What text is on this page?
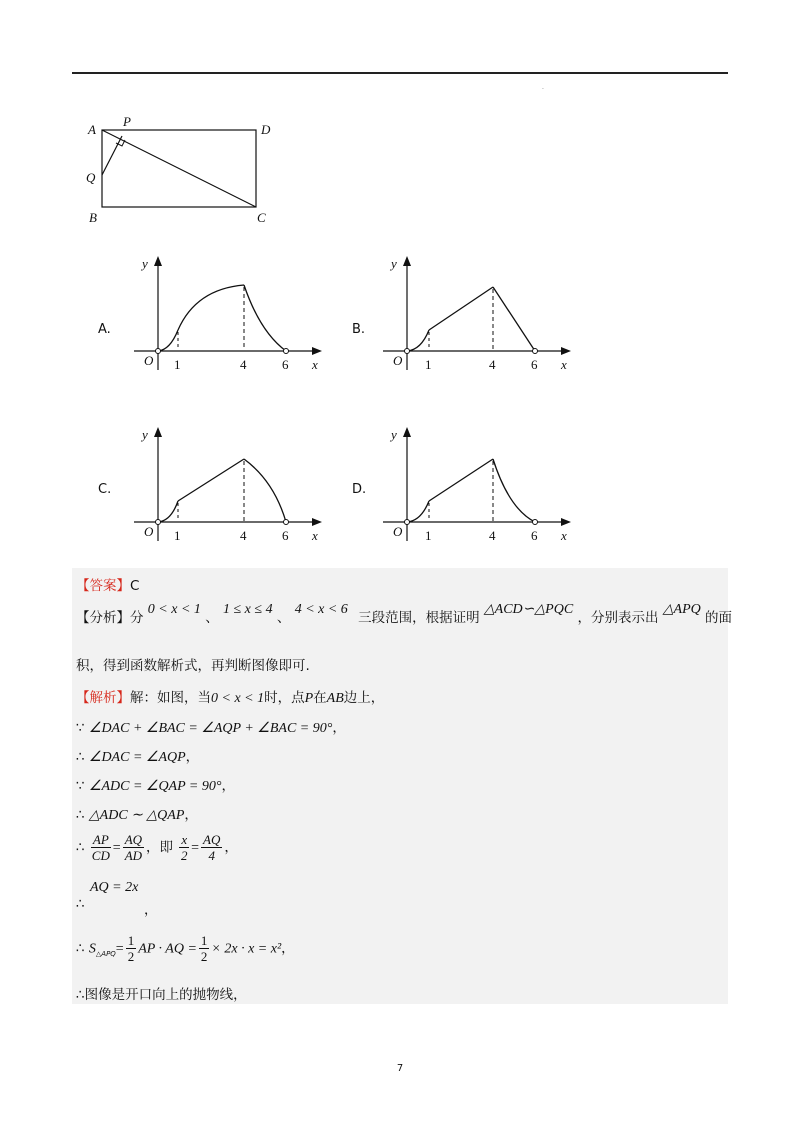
.
A
P
D
Q
B	C
A.
y
x
O 1	4	6
B.
y
x
O 1	4	6
C.
y
x
O 1	4	6
D.
y
x
O 1	4	6
【答案】C
【分析】分 0 < x < 1 、 1 ≤ x ≤ 4 、 4 < x < 6 三段范围，根据证明 △ACD∽△PQC ，分别表示出 △APQ 的面
积，得到函数解析式，再判断图像即可.
【解析】解：如图，当0 < x < 1时，点P在AB边上，
∵ ∠DAC + ∠BAC = ∠AQP + ∠BAC = 90°，
∴ ∠DAC = ∠AQP，
∵ ∠ADC = ∠QAP = 90°，
∴ △ADC ∼ △QAP，
∴ $\frac{AP}{CD} = \frac{AQ}{AD}$ ，即 $\frac{x}{2} = \frac{AQ}{4}$ ，
AQ = 2x
∴	，
∴ $S_{\triangle APQ}= \frac{1}{2}$ AP · AQ = $\frac{1}{2} \times 2x \cdot x = x^2$，
∴图像是开口向上的抛物线，
7
